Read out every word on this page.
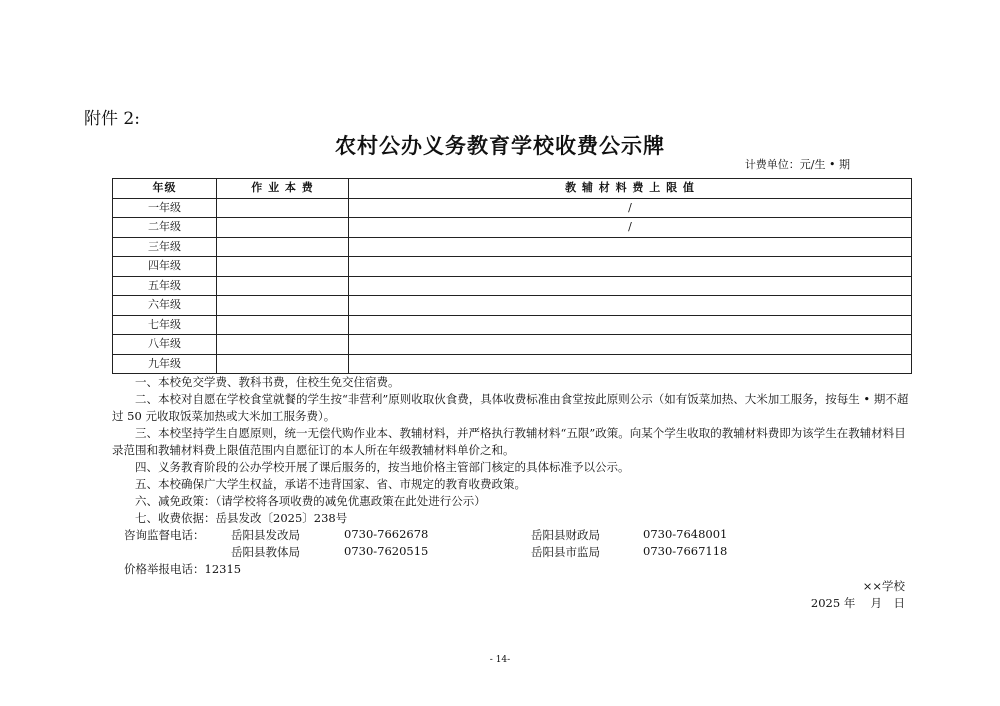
附件 2:
农村公办义务教育学校收费公示牌
计费单位：元/生 • 期
年级	作 业 本 费	教 辅 材 料 费 上 限 值
一年级		/
二年级		/
三年级		
四年级		
五年级		
六年级		
七年级		
八年级		
九年级		
一、本校免交学费、教科书费，住校生免交住宿费。
二、本校对自愿在学校食堂就餐的学生按“非营利”原则收取伙食费，具体收费标准由食堂按此原则公示（如有饭菜加热、大米加工服务，按每生 • 期不超过 50 元收取饭菜加热或大米加工服务费）。
三、本校坚持学生自愿原则，统一无偿代购作业本、教辅材料，并严格执行教辅材料“五限”政策。向某个学生收取的教辅材料费即为该学生在教辅材料目录范围和教辅材料费上限值范围内自愿征订的本人所在年级教辅材料单价之和。
四、义务教育阶段的公办学校开展了课后服务的，按当地价格主管部门核定的具体标准予以公示。
五、本校确保广大学生权益，承诺不违背国家、省、市规定的教育收费政策。
六、减免政策：（请学校将各项收费的减免优惠政策在此处进行公示）
七、收费依据：岳县发改〔2025〕238号
咨询监督电话： 岳阳县发改局	0730-7662678	岳阳县财政局	0730-7648001
岳阳县教体局	0730-7620515	岳阳县市监局	0730-7667118
价格举报电话：12315
××学校
2025 年　 月　日
- 14-
